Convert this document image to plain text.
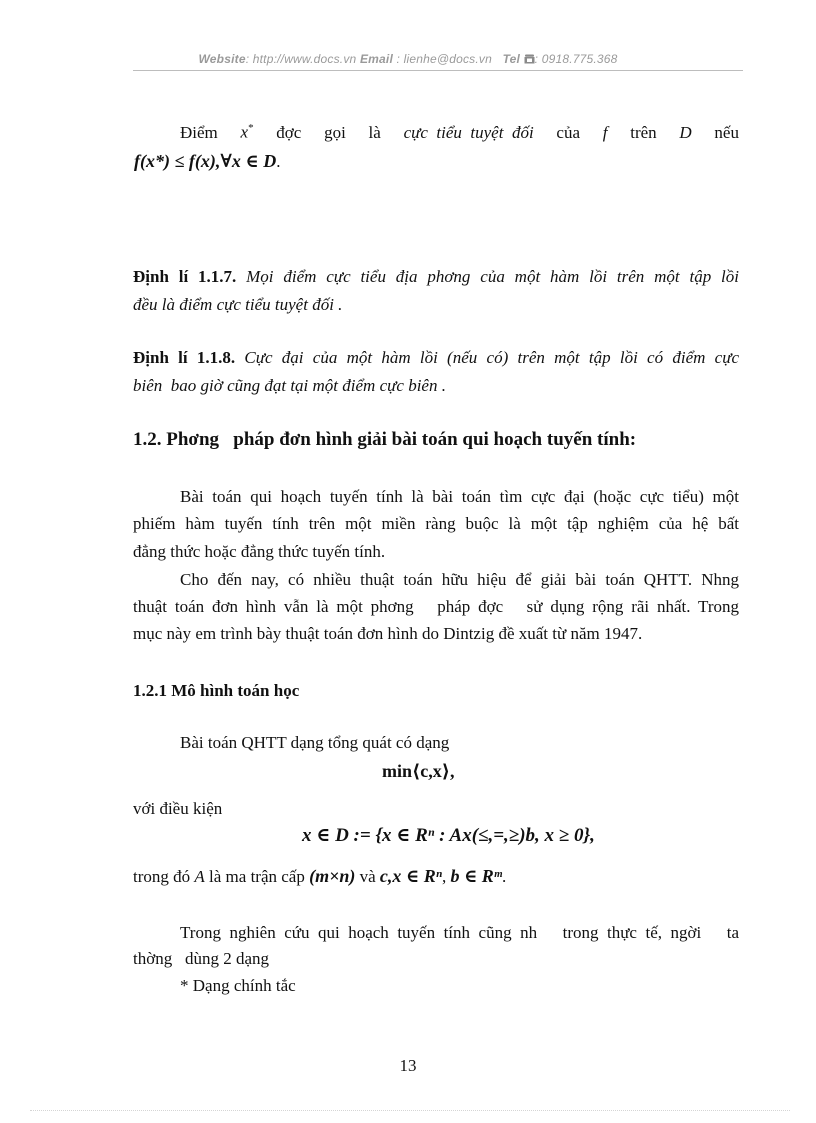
Website: http://www.docs.vn Email : lienhe@docs.vn Tel : 0918.775.368
Điểm x* đợc gọi là cực  tiểu  tuyệt  đối của f trên D nếu
f(x*) ≤ f(x),∀x ∈ D.
Định lí 1.1.7. Mọi điểm cực tiểu địa phơng của một hàm lồi trên một tập lồi
đều là điểm cực tiểu tuyệt đối .
Định lí 1.1.8. Cực đại của một hàm lồi (nếu có) trên một tập lồi có điểm cực
biên  bao giờ cũng đạt tại một điểm cực biên .
1.2. Phơng   pháp đơn hình giải bài toán qui hoạch tuyến tính:
Bài toán qui hoạch tuyến tính là bài toán tìm cực đại (hoặc cực tiểu) một
phiếm hàm tuyến tính trên một miền ràng buộc là một tập nghiệm của hệ bất
đẳng thức hoặc đẳng thức tuyến tính.
Cho đến nay, có nhiều thuật toán hữu hiệu để giải bài toán QHTT. Nhng
thuật toán đơn hình vẫn là một phơng   pháp đợc   sử dụng rộng rãi nhất. Trong
mục này em trình bày thuật toán đơn hình do Dintzig đề xuất từ năm 1947.
1.2.1 Mô hình toán học
Bài toán QHTT dạng tổng quát có dạng
min⟨c,x⟩,
với điều kiện
x ∈ D := {x ∈ Rⁿ : Ax(≤,=,≥)b, x ≥ 0},
trong đó A là ma trận cấp (m×n) và c,x ∈ Rⁿ, b ∈ Rᵐ.
Trong nghiên cứu qui hoạch tuyến tính cũng nh   trong thực tế, ngời   ta
thờng   dùng 2 dạng
* Dạng chính tắc
13
